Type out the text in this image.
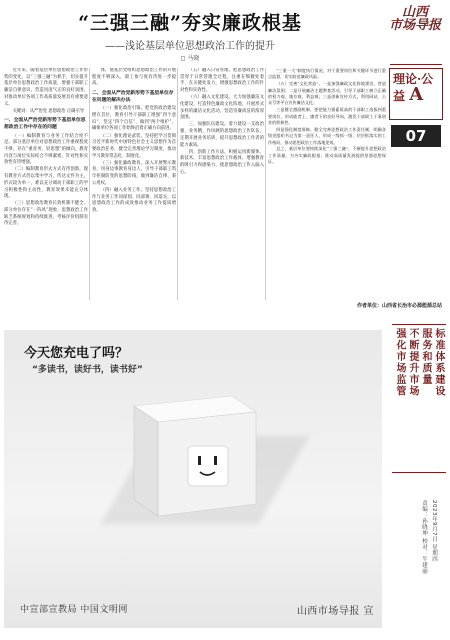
“三强三融”夯实廉政根基
——浅论基层单位思想政治工作的提升
◻ 马晓
山西
市场导报
理论·公益 A
07

近年来，随着基层单位思想政治工作形势的变化，以“三强三融”为抓手，切实提升基层单位思想政治工作质量，增强干部职工廉洁自律意识，营造风清气正的良好氛围，对推动单位各项工作高质量发展具有重要意义。

关键词：从严治党 思想政治 正确引导

一、全面从严治党新形势下基层单位思想政治工作中存在的问题

（一）编制教育与业务工作结合度不足。部分基层单位对思想政治工作重视程度不够，存在“重业务、轻思想”的倾向，教育内容与岗位实际结合不够紧密，针对性和实效性有待增强。

（二）编制教育形式方式有待创新。现有教育方式仍以集中学习、传达文件为主，形式较为单一，难以充分调动干部职工的学习积极性和主动性，教育效果未能充分体现。

（三）思想政治教育长效机制不健全。部分单位存在“一阵风”现象，思想政治工作缺乏系统规划和持续推进，考核评价机制有待完善。

体，使基层党组织思想政治工作的开展程度不够深入，职工参与度有待进一步提高。

二、全面从严治党新形势下基层单位存在问题的解决办法

（一）强化政治引领。把党的政治建设摆在首位，教育引导干部职工增强“四个意识”、坚定“四个自信”、做到“两个维护”，确保单位各项工作始终沿着正确方向前进。

（二）强化理论武装。坚持把学习贯彻习近平新时代中国特色社会主义思想作为首要政治任务，健全完善理论学习制度，推动学习教育常态化、制度化。

（三）强化廉政教育。深入开展警示教育，用身边事教育身边人，引导干部职工筑牢拒腐防变的思想防线，做到廉洁自律、秉公用权。

（四）融入业务工作。坚持思想政治工作与业务工作同谋划、同部署、同落实，以思想政治工作的成效推动业务工作提质增效。

（五）融入日常管理。把思想政治工作贯穿于日常管理全过程，注重在细微处着手、在关键处发力，增强思想政治工作的针对性和实效性。

（六）融入文化建设。大力加强廉洁文化建设，打造特色廉政文化阵地，开展形式多样的廉洁文化活动，营造崇廉尚洁的浓厚氛围。

三、加强队伍建设。着力建设一支政治强、业务精、作风硬的思想政治工作队伍，定期开展业务培训，提升思想政治工作者的能力素质。

四、创新工作方法。积极运用新媒体、新技术，丰富思想政治工作载体，增强教育的吸引力和感染力，使思想政治工作入脑入心。

“三重一大”制度执行情况，对于重要岗位和关键环节进行重点监督，切实防范廉政风险。

（五）完善“文化营造”。一是加强廉政文化阵地建设，营造廉洁氛围；二是开展廉洁主题教育活动，引导干部职工树立正确的权力观、地位观、利益观；三是创新宣传方式，利用网站、公众号等平台宣传廉洁文化。

三是健全激励机制。要把能力强素质高的干部职工选拔到重要岗位，形成能者上、庸者下的良好导向，激发干部职工干事创业的积极性。

四是强化制度保障。健全完善思想政治工作责任制，明确各级党组织书记为第一责任人，形成一级抓一级、层层抓落实的工作格局，推动思想政治工作落地见效。

总之，基层单位要持续深化“三强三融”，不断提升思想政治工作质量，为夯实廉政根基、推动高质量发展提供坚强思想保证。

作者单位：山西省长治市必源能源总站
强化市场监管 不断提升市场 服务和质量 标准体系建设
2023年9月7日 星期四
责编：孙晓坤 校对：牛建丽
今天您充电了吗？
“多读书，读好书，读书好”
中宣部宣教局 中国文明网	山西市场导报 宣
